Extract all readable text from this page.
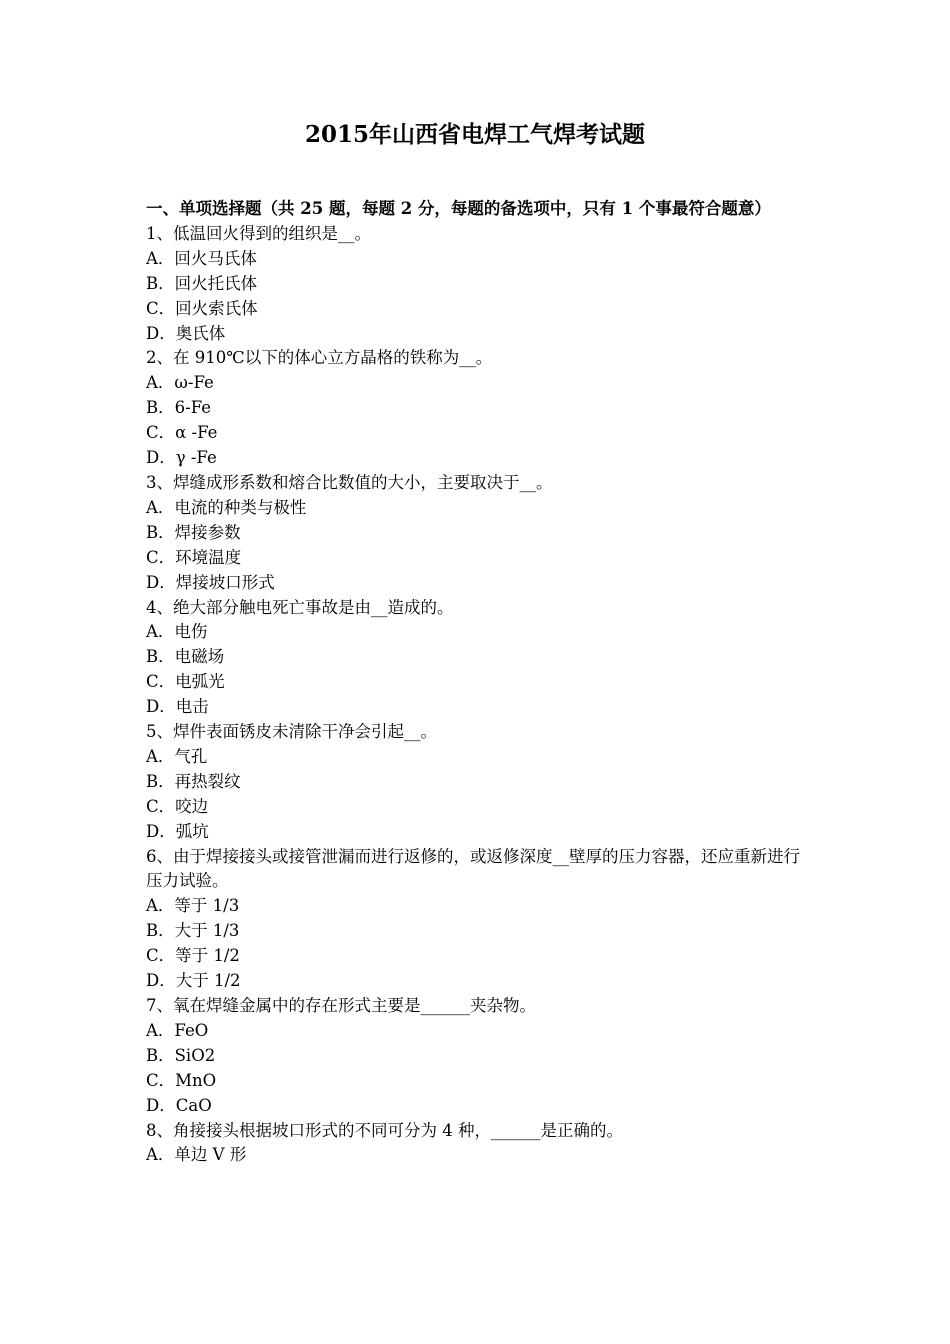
2015年山西省电焊工气焊考试题
一、单项选择题（共 25 题，每题 2 分，每题的备选项中，只有 1 个事最符合题意）
1、低温回火得到的组织是__。
A．回火马氏体
B．回火托氏体
C．回火索氏体
D．奥氏体
2、在 910℃以下的体心立方晶格的铁称为__。
A．ω-Fe
B．6-Fe
C．α -Fe
D．γ -Fe
3、焊缝成形系数和熔合比数值的大小，主要取决于__。
A．电流的种类与极性
B．焊接参数
C．环境温度
D．焊接坡口形式
4、绝大部分触电死亡事故是由__造成的。
A．电伤
B．电磁场
C．电弧光
D．电击
5、焊件表面锈皮未清除干净会引起__。
A．气孔
B．再热裂纹
C．咬边
D．弧坑
6、由于焊接接头或接管泄漏而进行返修的，或返修深度__壁厚的压力容器，还应重新进行压力试验。
A．等于 1/3
B．大于 1/3
C．等于 1/2
D．大于 1/2
7、氧在焊缝金属中的存在形式主要是______夹杂物。
A．FeO
B．SiO2
C．MnO
D．CaO
8、角接接头根据坡口形式的不同可分为 4 种，______是正确的。
A．单边 V 形
